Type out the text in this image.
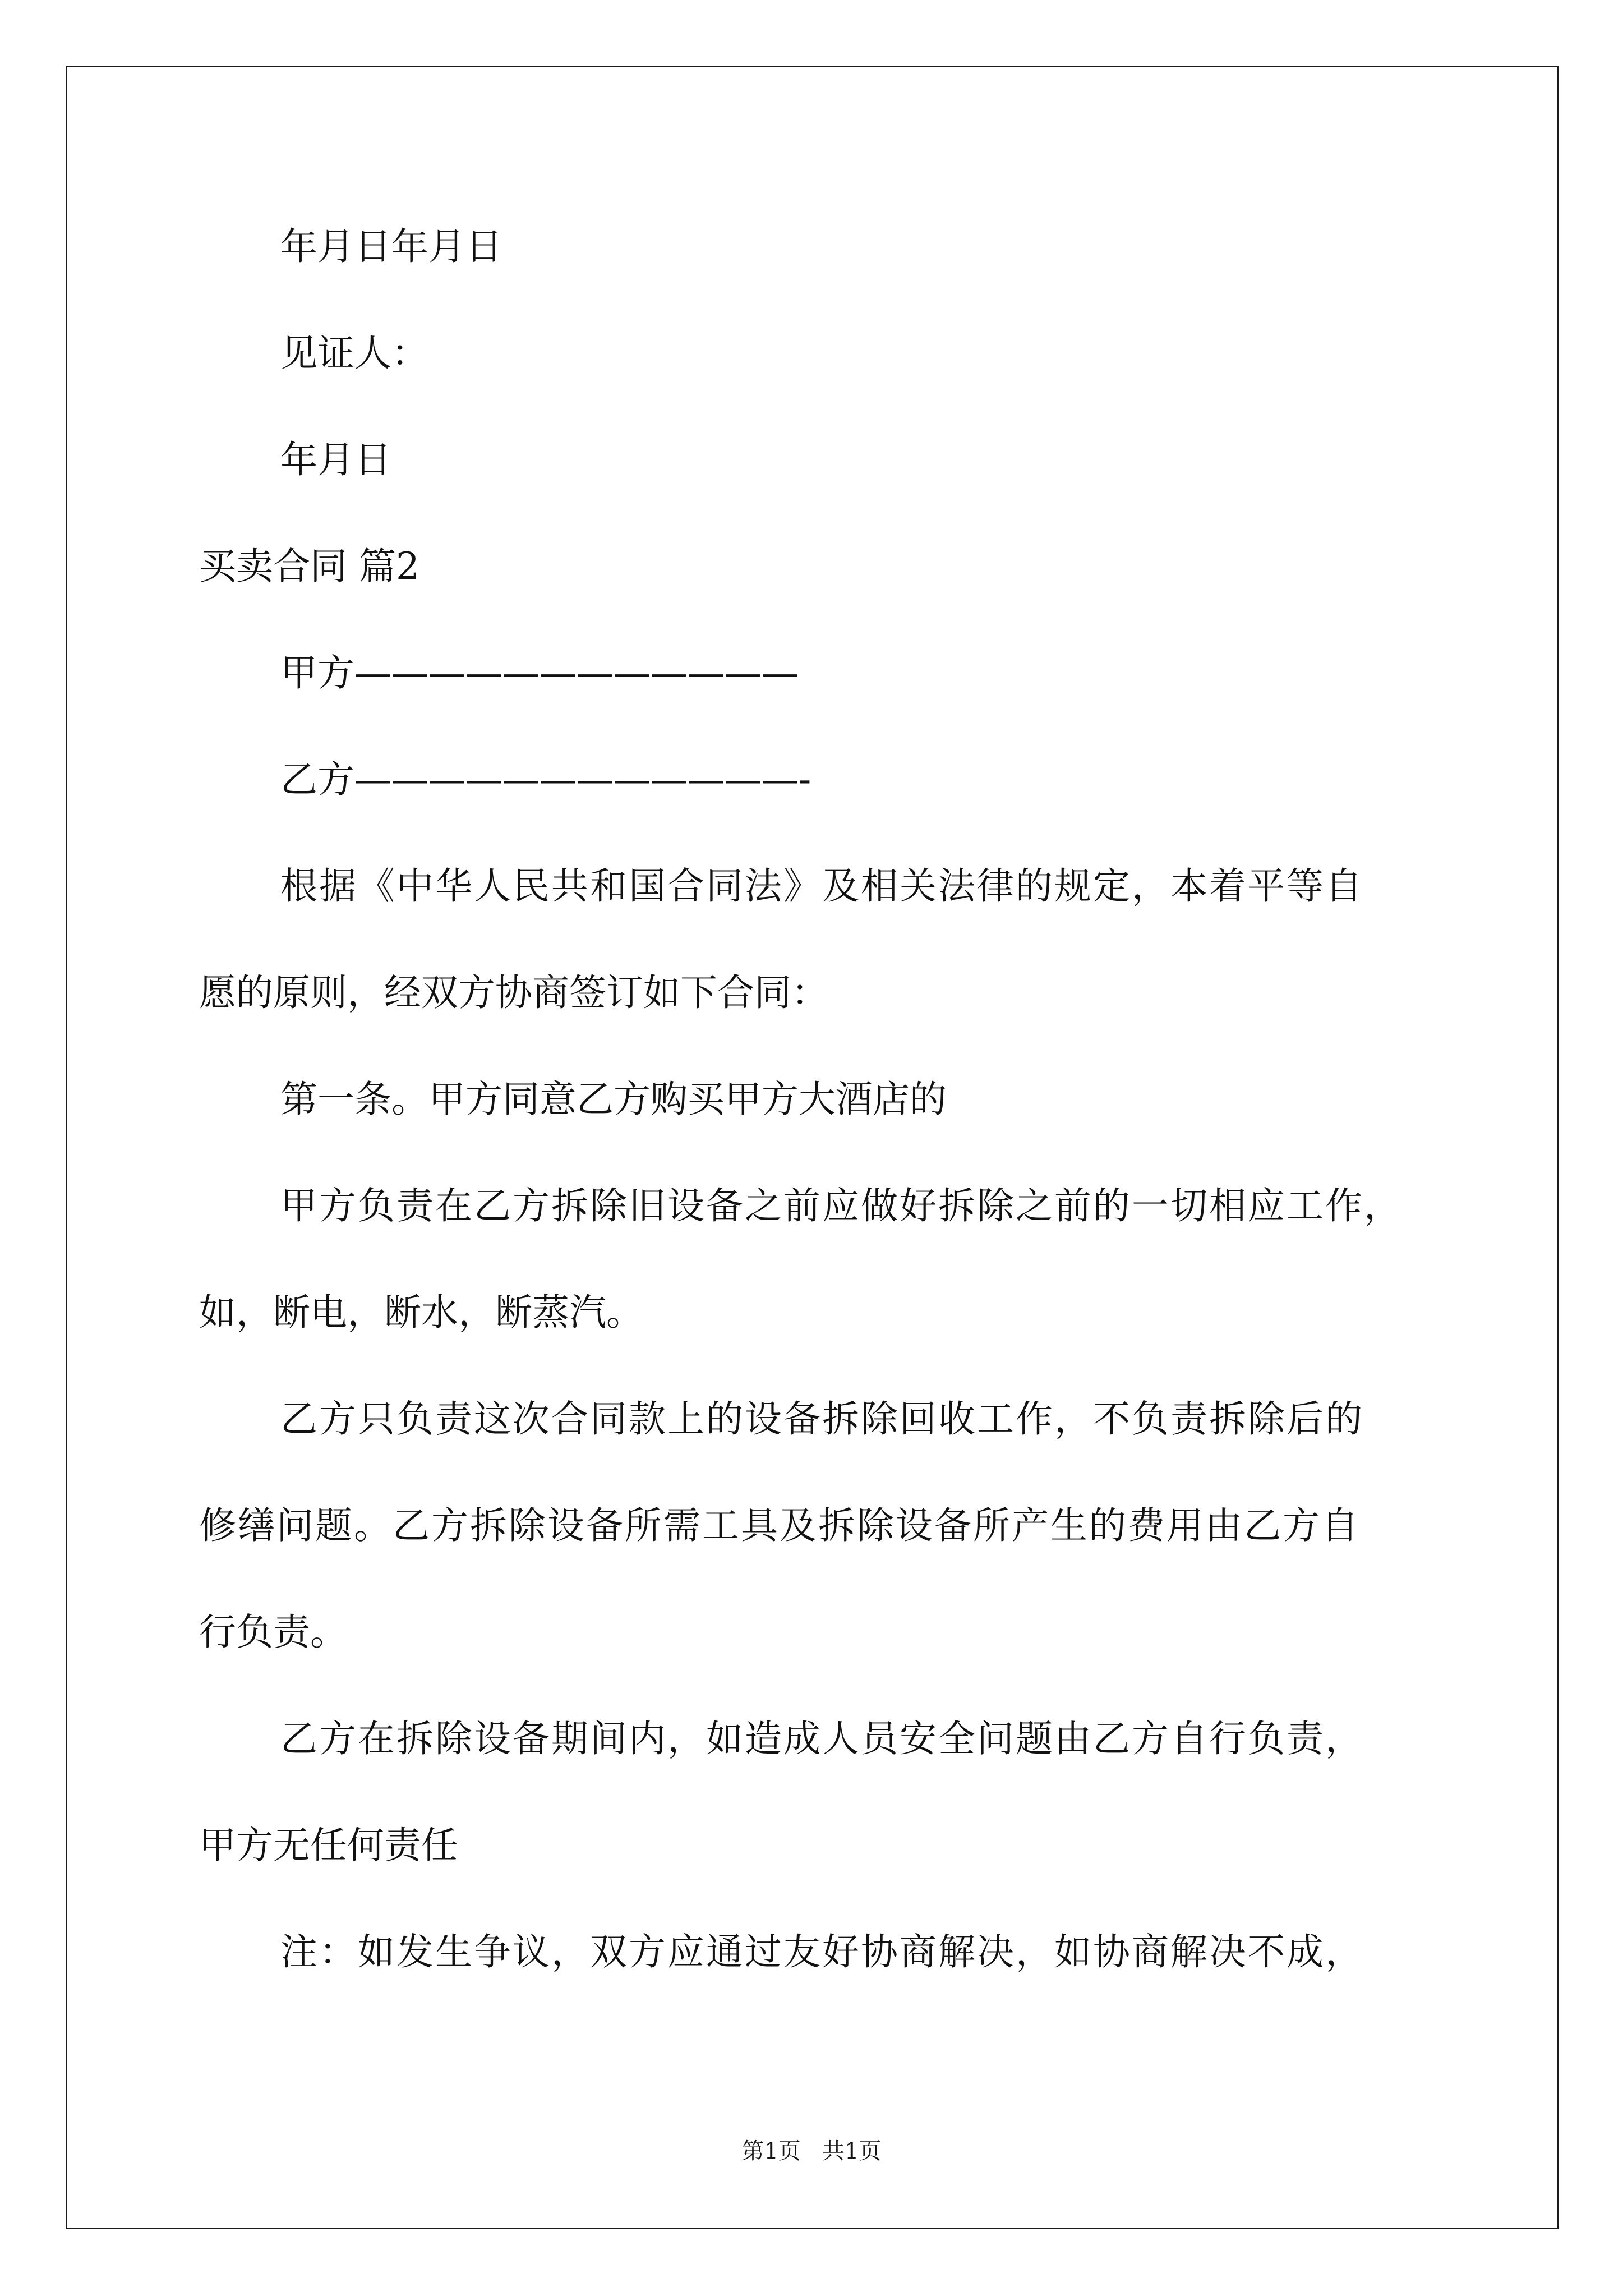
年月日年月日

见证人：

年月日

买卖合同 篇2

甲方————————————

乙方————————————-

根据《中华人民共和国合同法》及相关法律的规定，本着平等自

愿的原则，经双方协商签订如下合同：

第一条。甲方同意乙方购买甲方大酒店的

甲方负责在乙方拆除旧设备之前应做好拆除之前的一切相应工作，

如，断电，断水，断蒸汽。

乙方只负责这次合同款上的设备拆除回收工作，不负责拆除后的

修缮问题。乙方拆除设备所需工具及拆除设备所产生的费用由乙方自

行负责。

乙方在拆除设备期间内，如造成人员安全问题由乙方自行负责，

甲方无任何责任

注：如发生争议，双方应通过友好协商解决，如协商解决不成，

第1页   共1页
